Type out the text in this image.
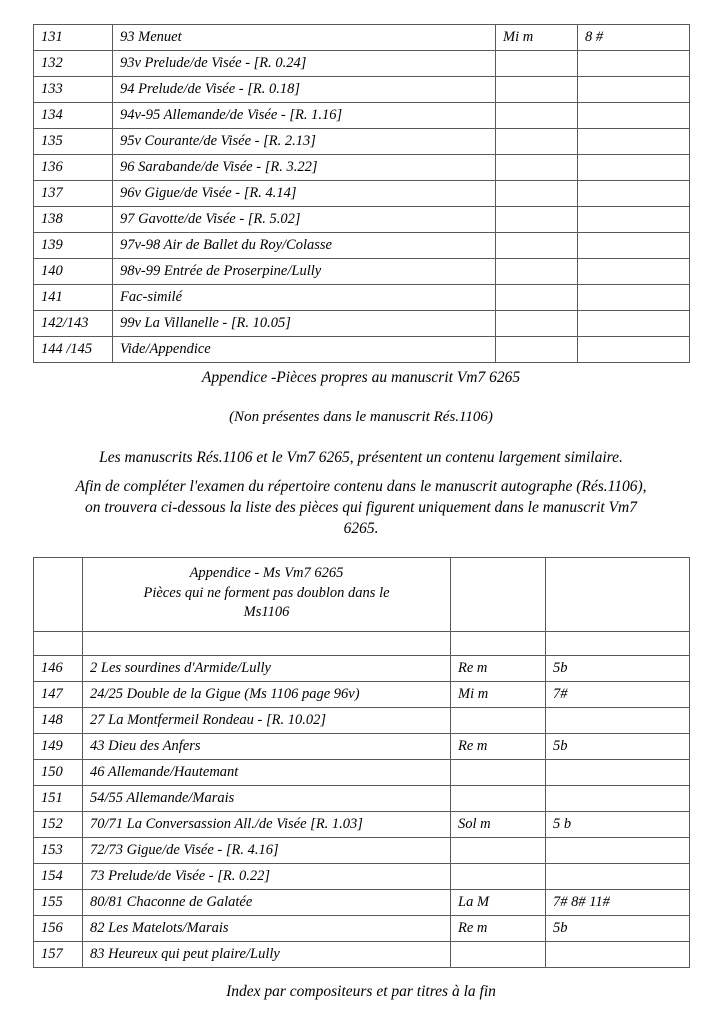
131	93 Menuet	Mi m	8 #
132	93v Prelude/de Visée - [R. 0.24]		
133	94 Prelude/de Visée - [R. 0.18]		
134	94v-95 Allemande/de Visée - [R. 1.16]		
135	95v Courante/de Visée - [R. 2.13]		
136	96 Sarabande/de Visée - [R. 3.22]		
137	96v Gigue/de Visée - [R. 4.14]		
138	97 Gavotte/de Visée - [R. 5.02]		
139	97v-98 Air de Ballet du Roy/Colasse		
140	98v-99 Entrée de Proserpine/Lully		
141	Fac-similé		
142/143	99v La Villanelle - [R. 10.05]		
144 /145	Vide/Appendice		

Appendice -Pièces propres au manuscrit Vm7 6265

(Non présentes dans le manuscrit Rés.1106)

Les manuscrits Rés.1106 et le Vm7 6265, présentent un contenu largement similaire.

Afin de compléter l'examen du répertoire contenu dans le manuscrit autographe (Rés.1106),

on trouvera ci-dessous la liste des pièces qui figurent uniquement dans le manuscrit Vm7

6265.

	Appendice - Ms Vm7 6265
Pièces qui ne forment pas doublon dans le
Ms1106		

146	2 Les sourdines d'Armide/Lully	Re m	5b
147	24/25 Double de la Gigue (Ms 1106 page 96v)	Mi m	7#
148	27 La Montfermeil Rondeau - [R. 10.02]		
149	43 Dieu des Anfers	Re m	5b
150	46 Allemande/Hautemant		
151	54/55 Allemande/Marais		
152	70/71 La Conversassion All./de Visée [R. 1.03]	Sol m	5 b
153	72/73 Gigue/de Visée - [R. 4.16]		
154	73 Prelude/de Visée - [R. 0.22]		
155	80/81 Chaconne de Galatée	La M	7# 8# 11#
156	82 Les Matelots/Marais	Re m	5b
157	83 Heureux qui peut plaire/Lully		
Index par compositeurs et par titres à la fin
